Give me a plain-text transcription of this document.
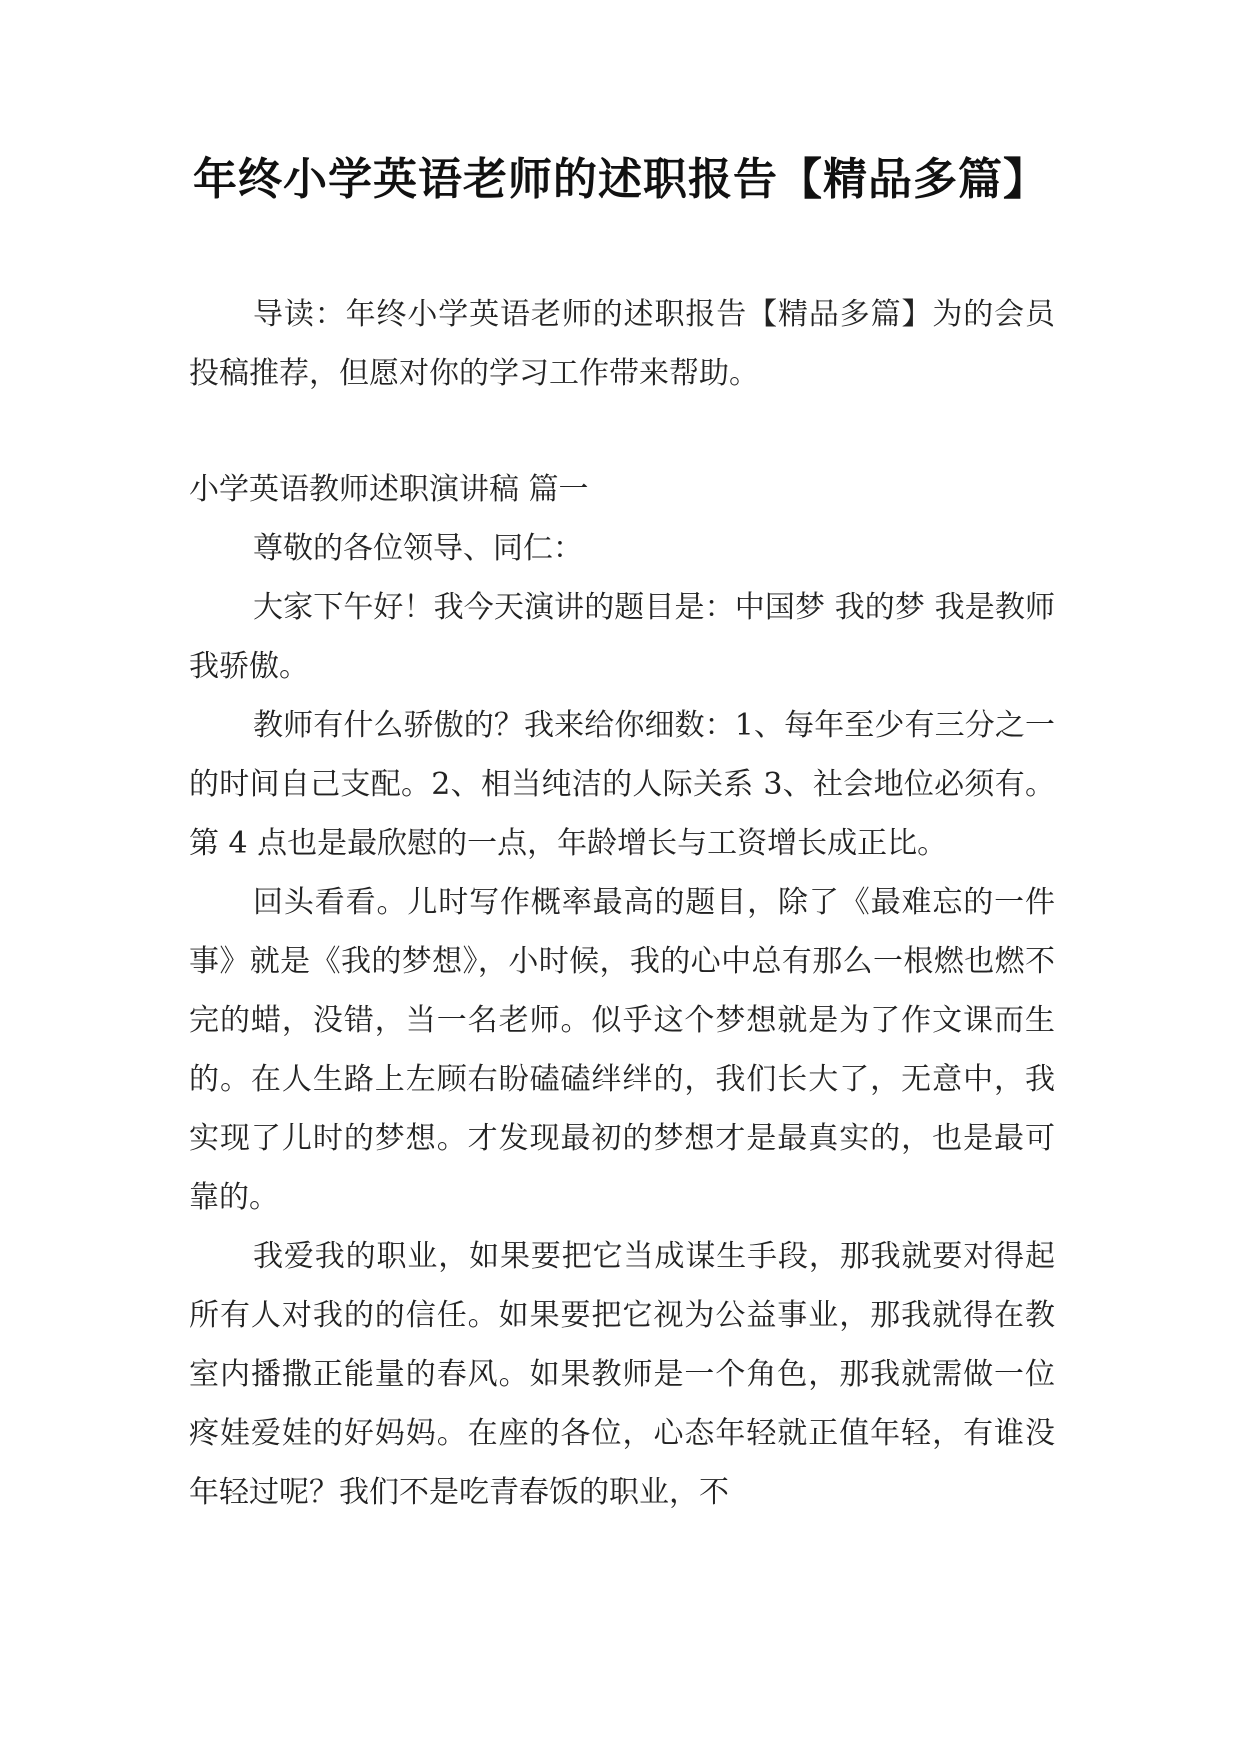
年终小学英语老师的述职报告【精品多篇】

导读：年终小学英语老师的述职报告【精品多篇】为的会员投稿推荐，但愿对你的学习工作带来帮助。

小学英语教师述职演讲稿 篇一

尊敬的各位领导、同仁：

大家下午好！我今天演讲的题目是：中国梦 我的梦 我是教师 我骄傲。

教师有什么骄傲的？我来给你细数：1、每年至少有三分之一的时间自己支配。2、相当纯洁的人际关系 3、社会地位必须有。第 4 点也是最欣慰的一点，年龄增长与工资增长成正比。

回头看看。儿时写作概率最高的题目，除了《最难忘的一件事》就是《我的梦想》，小时候，我的心中总有那么一根燃也燃不完的蜡，没错，当一名老师。似乎这个梦想就是为了作文课而生的。在人生路上左顾右盼磕磕绊绊的，我们长大了，无意中，我实现了儿时的梦想。才发现最初的梦想才是最真实的，也是最可靠的。

我爱我的职业，如果要把它当成谋生手段，那我就要对得起所有人对我的的信任。如果要把它视为公益事业，那我就得在教室内播撒正能量的春风。如果教师是一个角色，那我就需做一位疼娃爱娃的好妈妈。在座的各位，心态年轻就正值年轻，有谁没年轻过呢？我们不是吃青春饭的职业，不
